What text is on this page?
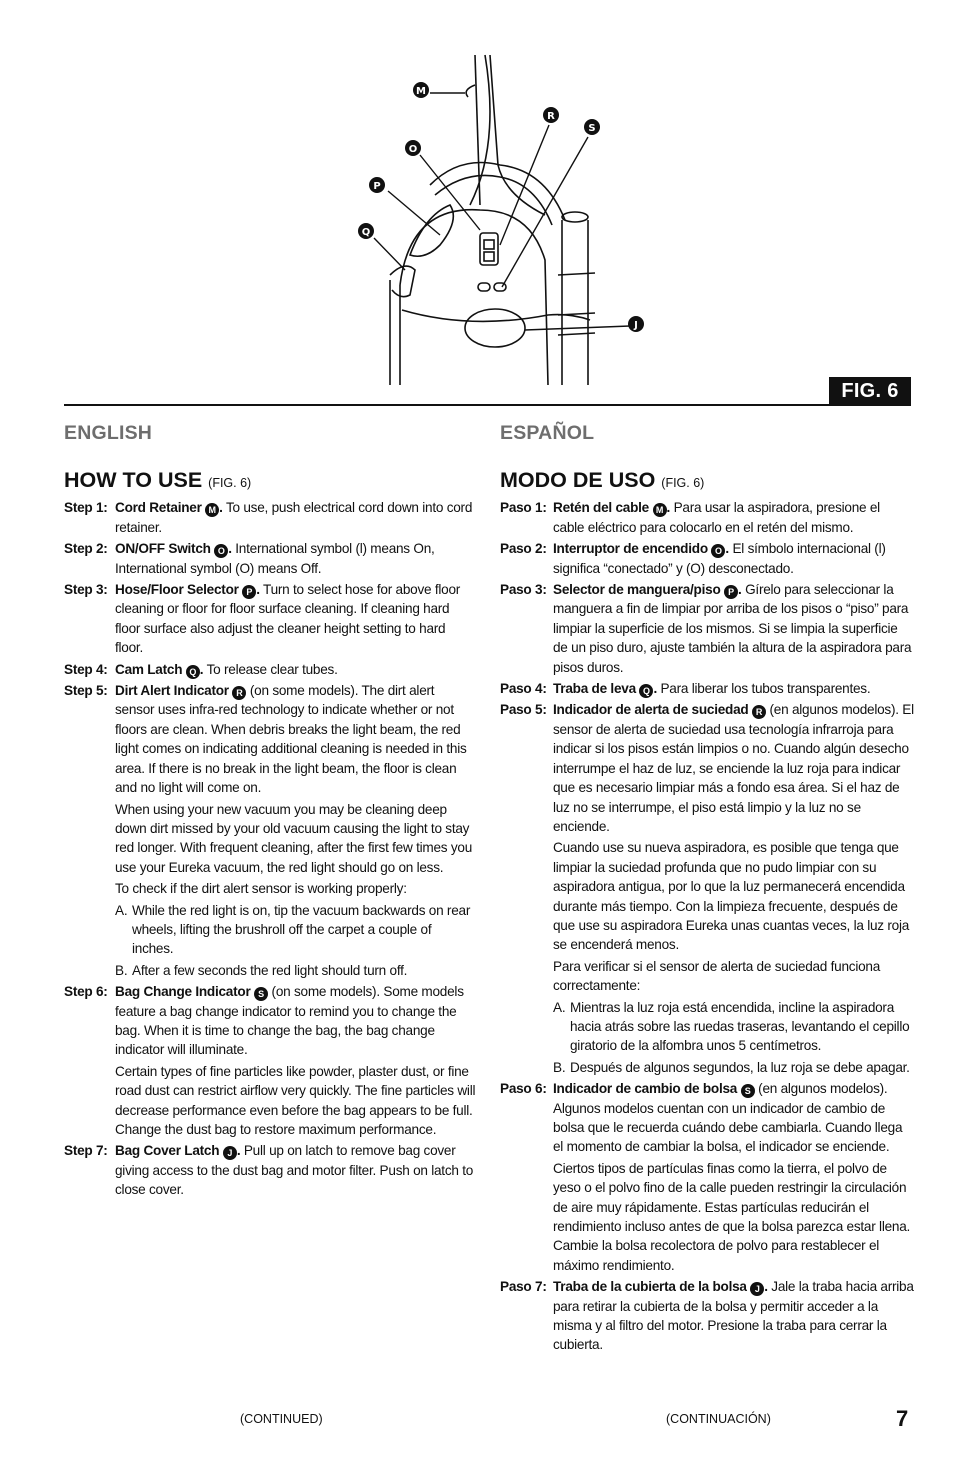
M
O
P
Q
R
S
J
FIG. 6
ENGLISH
HOW TO USE (FIG. 6)
Step 1: Cord Retainer M . To use, push electrical cord down into cord retainer.
Step 2: ON/OFF Switch O . International symbol (l) means On, International symbol (O) means Off.
Step 3: Hose/Floor Selector P . Turn to select hose for above floor cleaning or floor for floor surface cleaning. If cleaning hard floor surface also adjust the cleaner height setting to hard floor.
Step 4: Cam Latch Q . To release clear tubes.
Step 5: Dirt Alert Indicator R (on some models). The dirt alert sensor uses infra-red technology to indicate whether or not floors are clean. When debris breaks the light beam, the red light comes on indicating additional cleaning is needed in this area. If there is no break in the light beam, the floor is clean and no light will come on.
When using your new vacuum you may be cleaning deep down dirt missed by your old vacuum causing the light to stay red longer. With frequent cleaning, after the first few times you use your Eureka vacuum, the red light should go on less.
To check if the dirt alert sensor is working properly:
A. While the red light is on, tip the vacuum backwards on rear wheels, lifting the brushroll off the carpet a couple of inches.
B. After a few seconds the red light should turn off.
Step 6: Bag Change Indicator S (on some models). Some models feature a bag change indicator to remind you to change the bag. When it is time to change the bag, the bag change indicator will illuminate.
Certain types of fine particles like powder, plaster dust, or fine road dust can restrict airflow very quickly. The fine particles will decrease performance even before the bag appears to be full. Change the dust bag to restore maximum performance.
Step 7: Bag Cover Latch J . Pull up on latch to remove bag cover giving access to the dust bag and motor filter. Push on latch to close cover.
ESPAÑOL
MODO DE USO (FIG. 6)
Paso 1: Retén del cable M . Para usar la aspiradora, presione el cable eléctrico para colocarlo en el retén del mismo.
Paso 2: Interruptor de encendido O . El símbolo internacional (l) significa “conectado” y (O) desconectado.
Paso 3: Selector de manguera/piso P . Gírelo para seleccionar la manguera a fin de limpiar por arriba de los pisos o “piso” para limpiar la superficie de los mismos. Si se limpia la superficie de un piso duro, ajuste también la altura de la aspiradora para pisos duros.
Paso 4: Traba de leva Q . Para liberar los tubos transparentes.
Paso 5: Indicador de alerta de suciedad R (en algunos modelos). El sensor de alerta de suciedad usa tecnología infrarroja para indicar si los pisos están limpios o no. Cuando algún desecho interrumpe el haz de luz, se enciende la luz roja para indicar que es necesario limpiar más a fondo esa área. Si el haz de luz no se interrumpe, el piso está limpio y la luz no se enciende.
Cuando use su nueva aspiradora, es posible que tenga que limpiar la suciedad profunda que no pudo limpiar con su aspiradora antigua, por lo que la luz permanecerá encendida durante más tiempo. Con la limpieza frecuente, después de que use su aspiradora Eureka unas cuantas veces, la luz roja se encenderá menos.
Para verificar si el sensor de alerta de suciedad funciona correctamente:
A. Mientras la luz roja está encendida, incline la aspiradora hacia atrás sobre las ruedas traseras, levantando el cepillo giratorio de la alfombra unos 5 centímetros.
B. Después de algunos segundos, la luz roja se debe apagar.
Paso 6: Indicador de cambio de bolsa S (en algunos modelos). Algunos modelos cuentan con un indicador de cambio de bolsa que le recuerda cuándo debe cambiarla. Cuando llega el momento de cambiar la bolsa, el indicador se enciende.
Ciertos tipos de partículas finas como la tierra, el polvo de yeso o el polvo fino de la calle pueden restringir la circulación de aire muy rápidamente. Estas partículas reducirán el rendimiento incluso antes de que la bolsa parezca estar llena. Cambie la bolsa recolectora de polvo para restablecer el máximo rendimiento.
Paso 7: Traba de la cubierta de la bolsa J . Jale la traba hacia arriba para retirar la cubierta de la bolsa y permitir acceder a la misma y al filtro del motor. Presione la traba para cerrar la cubierta.
(CONTINUED)	(CONTINUACIÓN)	7
